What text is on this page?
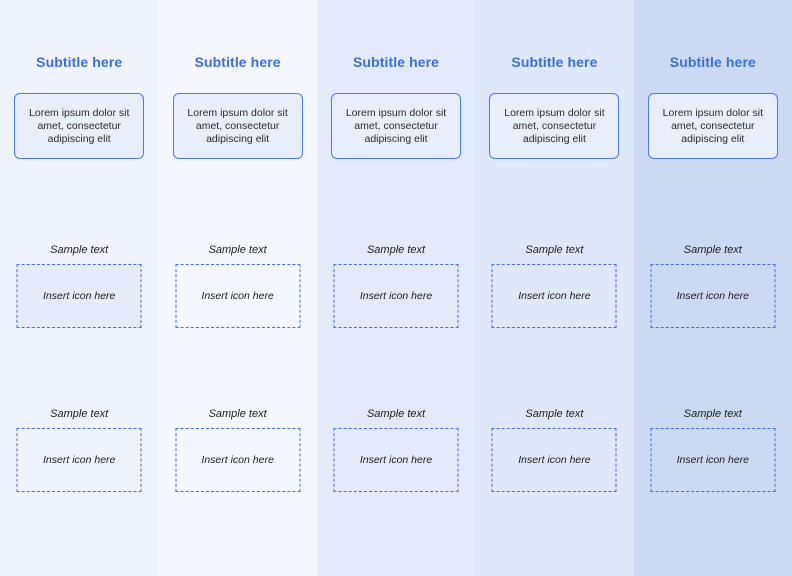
Subtitle here
Lorem ipsum dolor sit amet, consectetur adipiscing elit
Sample text
Insert icon here
Sample text
Insert icon here
Subtitle here
Lorem ipsum dolor sit amet, consectetur adipiscing elit
Sample text
Insert icon here
Sample text
Insert icon here
Subtitle here
Lorem ipsum dolor sit amet, consectetur adipiscing elit
Sample text
Insert icon here
Sample text
Insert icon here
Subtitle here
Lorem ipsum dolor sit amet, consectetur adipiscing elit
Sample text
Insert icon here
Sample text
Insert icon here
Subtitle here
Lorem ipsum dolor sit amet, consectetur adipiscing elit
Sample text
Insert icon here
Sample text
Insert icon here
